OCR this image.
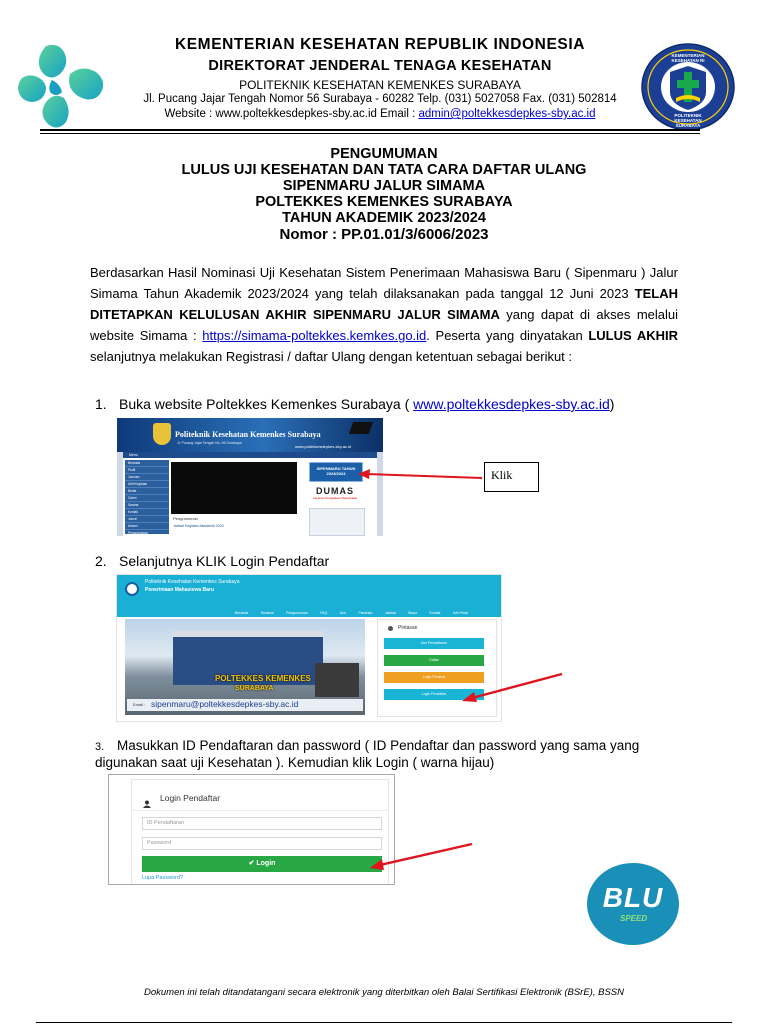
KEMENTERIAN KESEHATAN REPUBLIK INDONESIA
DIREKTORAT JENDERAL TENAGA KESEHATAN
POLITEKNIK KESEHATAN KEMENKES SURABAYA
Jl. Pucang Jajar Tengah Nomor 56 Surabaya - 60282 Telp. (031) 5027058 Fax. (031) 502814
Website : www.poltekkesdepkes-sby.ac.id Email : admin@poltekkesdepkes-sby.ac.id
KEMENTERIAN KESEHATAN RI
POLITEKNIK KESEHATAN SURABAYA
PENGUMUMAN
LULUS UJI KESEHATAN DAN TATA CARA DAFTAR ULANG
SIPENMARU JALUR SIMAMA
POLTEKKES KEMENKES SURABAYA
TAHUN AKADEMIK 2023/2024
Nomor : PP.01.01/3/6006/2023
Berdasarkan Hasil Nominasi Uji Kesehatan Sistem Penerimaan Mahasiswa Baru ( Sipenmaru ) Jalur Simama Tahun Akademik 2023/2024 yang telah dilaksanakan pada tanggal 12 Juni 2023 TELAH DITETAPKAN KELULUSAN AKHIR SIPENMARU JALUR SIMAMA yang dapat di akses melalui website Simama : https://simama-poltekkes.kemkes.go.id. Peserta yang dinyatakan LULUS AKHIR selanjutnya melakukan Registrasi / daftar Ulang dengan ketentuan sebagai berikut :
1. Buka website Poltekkes Kemenkes Surabaya ( www.poltekkesdepkes-sby.ac.id)
Politeknik Kesehatan Kemenkes Surabaya
Jl. Pucang Jajar Tengah No. 56 Surabaya
www.poltekkesdepkes-sby.ac.id
Menu
Beranda
Profil
Jurusan
Unit Kegiatan
Berita
Galeri
Sarana
Kontak
Jurnal
Alumni
Pengumuman
Pengumuman
Jadwal Kegiatan Akademik 2023
SIPENMARU TAHUN 2023/2024
DUMAS
Layanan Pengaduan Masyarakat
Klik
2. Selanjutnya KLIK Login Pendaftar
Politeknik Kesehatan Kemenkes Surabaya
Penerimaan Mahasiswa Baru
Beranda	Simama	Pengumuman	FAQ	Alur	Panduan	Jadwal	Biaya	Kontak	Info Prodi
POLTEKKES KEMENKES
SURABAYA
Email : sipenmaru@poltekkesdepkes-sby.ac.id
Pintasan
Alur Pendaftaran
Daftar
Login Peminat
Login Pendaftar
3. Masukkan ID Pendaftaran dan password ( ID Pendaftar dan password yang sama yang digunakan saat uji Kesehatan ). Kemudian klik Login ( warna hijau)
Login Pendaftar
ID Pendaftaran
Password
✔ Login
Lupa Password?
BLU
SPEED
Dokumen ini telah ditandatangani secara elektronik yang diterbitkan oleh Balai Sertifikasi Elektronik (BSrE), BSSN
